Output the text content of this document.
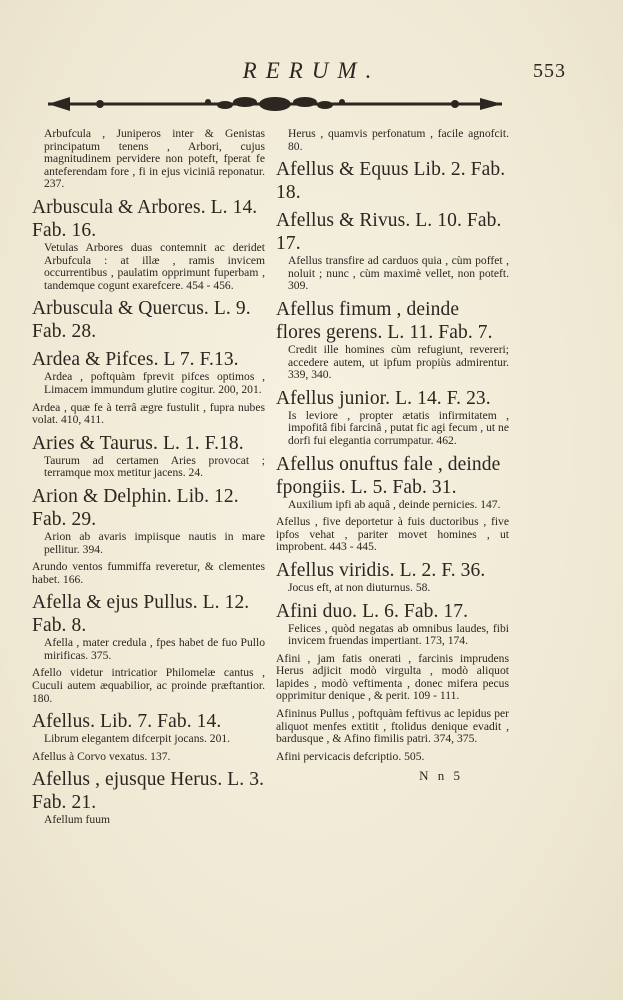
RERUM.	553
Arbufcula , Juniperos inter & Genistas principatum tenens , Arbori, cujus magnitudinem pervidere non poteft, fperat fe anteferendam fore , fi in ejus viciniâ reponatur. 237.
Arbuscula & Arbores. L. 14. Fab. 16.
Vetulas Arbores duas contemnit ac deridet Arbufcula : at illæ , ramis invicem occurrentibus , paulatim opprimunt fuperbam , tandemque cogunt exarefcere. 454 - 456.
Arbuscula & Quercus. L. 9. Fab. 28.
Ardea & Pifces. L 7. F.13.
Ardea , poftquàm fprevit pifces optimos , Limacem immundum glutire cogitur. 200, 201.
Ardea , quæ fe à terrâ ægre fustulit , fupra nubes volat. 410, 411.
Aries & Taurus. L. 1. F.18.
Taurum ad certamen Aries provocat ; terramque mox metitur jacens. 24.
Arion & Delphin. Lib. 12. Fab. 29.
Arion ab avaris impiisque nautis in mare pellitur. 394.
Arundo ventos fummiffa reveretur, & clementes habet. 166.
Afella & ejus Pullus. L. 12. Fab. 8.
Afella , mater credula , fpes habet de fuo Pullo mirificas. 375.
Afello videtur intricatior Philomelæ cantus , Cuculi autem æquabilior, ac proinde præftantior. 180.
Afellus. Lib. 7. Fab. 14.
Librum elegantem difcerpit jocans. 201.
Afellus à Corvo vexatus. 137.
Afellus , ejusque Herus. L. 3. Fab. 21.
Afellum fuum
Herus , quamvis perfonatum , facile agnofcit. 80.
Afellus & Equus Lib. 2. Fab. 18.
Afellus & Rivus. L. 10. Fab. 17.
Afellus transfire ad carduos quia , cùm poffet , noluit ; nunc , cùm maximè vellet, non poteft. 309.
Afellus fimum , deinde flores gerens. L. 11. Fab. 7.
Credit ille homines cùm refugiunt, revereri; accedere autem, ut ipfum propiùs admirentur. 339, 340.
Afellus junior. L. 14. F. 23.
Is leviore , propter ætatis infirmitatem , impofitâ fibi farcinâ , putat fic agi fecum , ut ne dorfi fui elegantia corrumpatur. 462.
Afellus onuftus fale , deinde fpongiis. L. 5. Fab. 31.
Auxilium ipfi ab aquâ , deinde pernicies. 147.
Afellus , five deportetur à fuis ductoribus , five ipfos vehat , pariter movet homines , ut improbent. 443 - 445.
Afellus viridis. L. 2. F. 36.
Jocus eft, at non diuturnus. 58.
Afini duo. L. 6. Fab. 17.
Felices , quòd negatas ab omnibus laudes, fibi invicem fruendas impertiant. 173, 174.
Afini , jam fatis onerati , farcinis imprudens Herus adjicit modò virgulta , modò aliquot lapides , modò veftimenta , donec mifera pecus opprimitur denique , & perit. 109 - 111.
Afininus Pullus , poftquàm feftivus ac lepidus per aliquot menfes extitit , ftolidus denique evadit , bardusque , & Afino fimilis patri. 374, 375.
Afini pervicacis defcriptio. 505.
N n 5
